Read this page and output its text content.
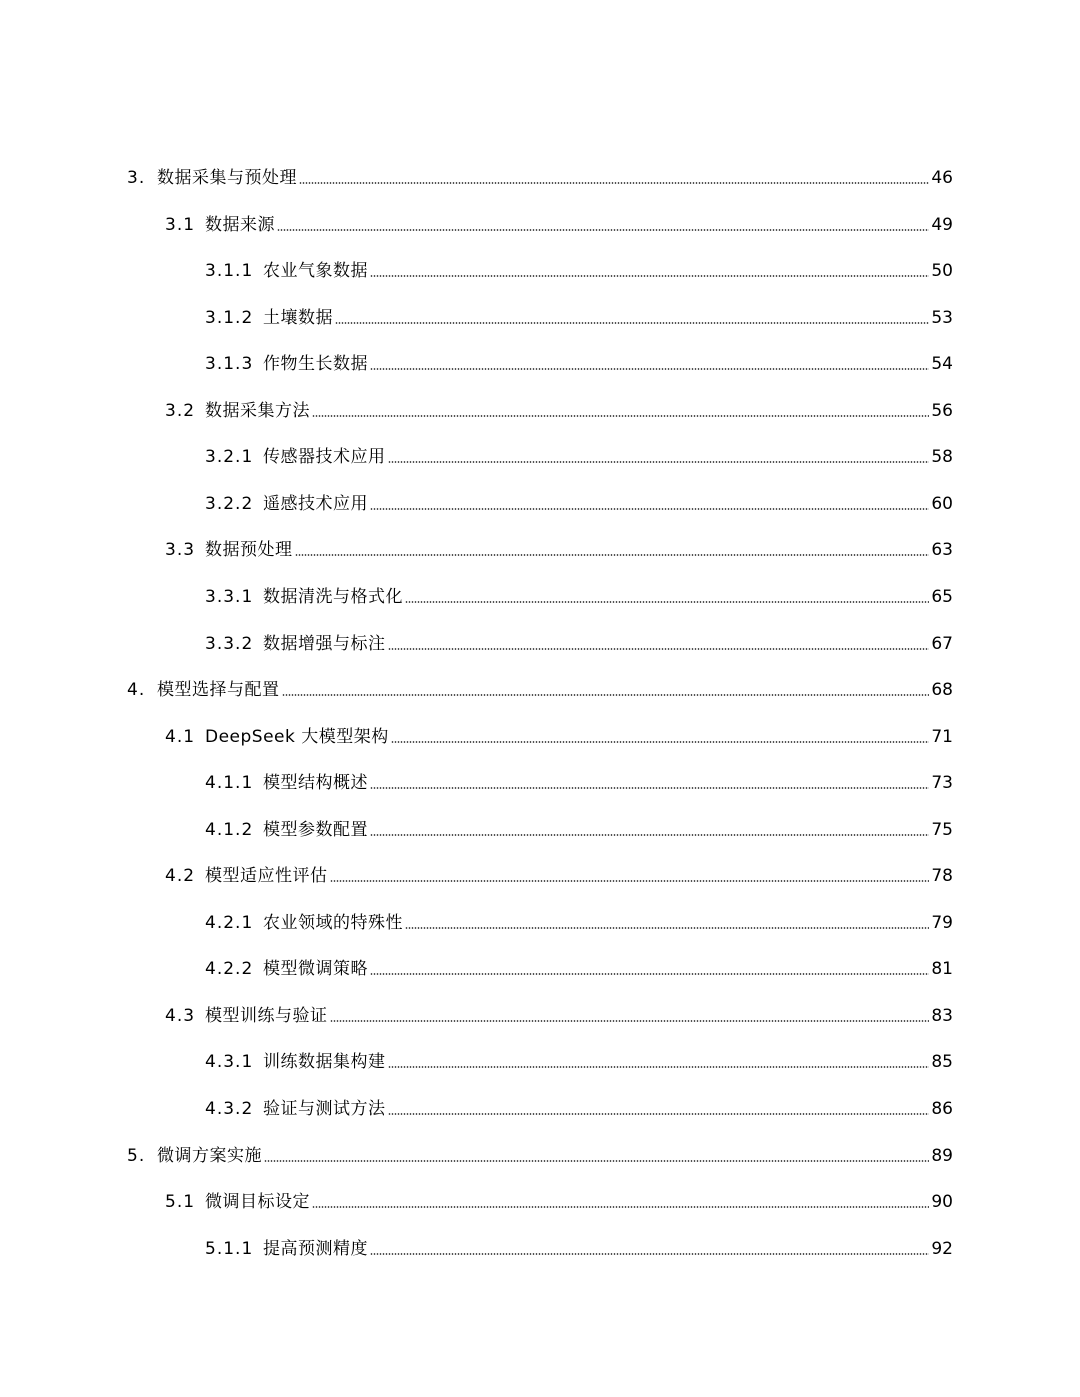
3. 数据采集与预处理	46
3.1 数据来源	49
3.1.1 农业气象数据	50
3.1.2 土壤数据	53
3.1.3 作物生长数据	54
3.2 数据采集方法	56
3.2.1 传感器技术应用	58
3.2.2 遥感技术应用	60
3.3 数据预处理	63
3.3.1 数据清洗与格式化	65
3.3.2 数据增强与标注	67
4. 模型选择与配置	68
4.1 DeepSeek 大模型架构	71
4.1.1 模型结构概述	73
4.1.2 模型参数配置	75
4.2 模型适应性评估	78
4.2.1 农业领域的特殊性	79
4.2.2 模型微调策略	81
4.3 模型训练与验证	83
4.3.1 训练数据集构建	85
4.3.2 验证与测试方法	86
5. 微调方案实施	89
5.1 微调目标设定	90
5.1.1 提高预测精度	92
